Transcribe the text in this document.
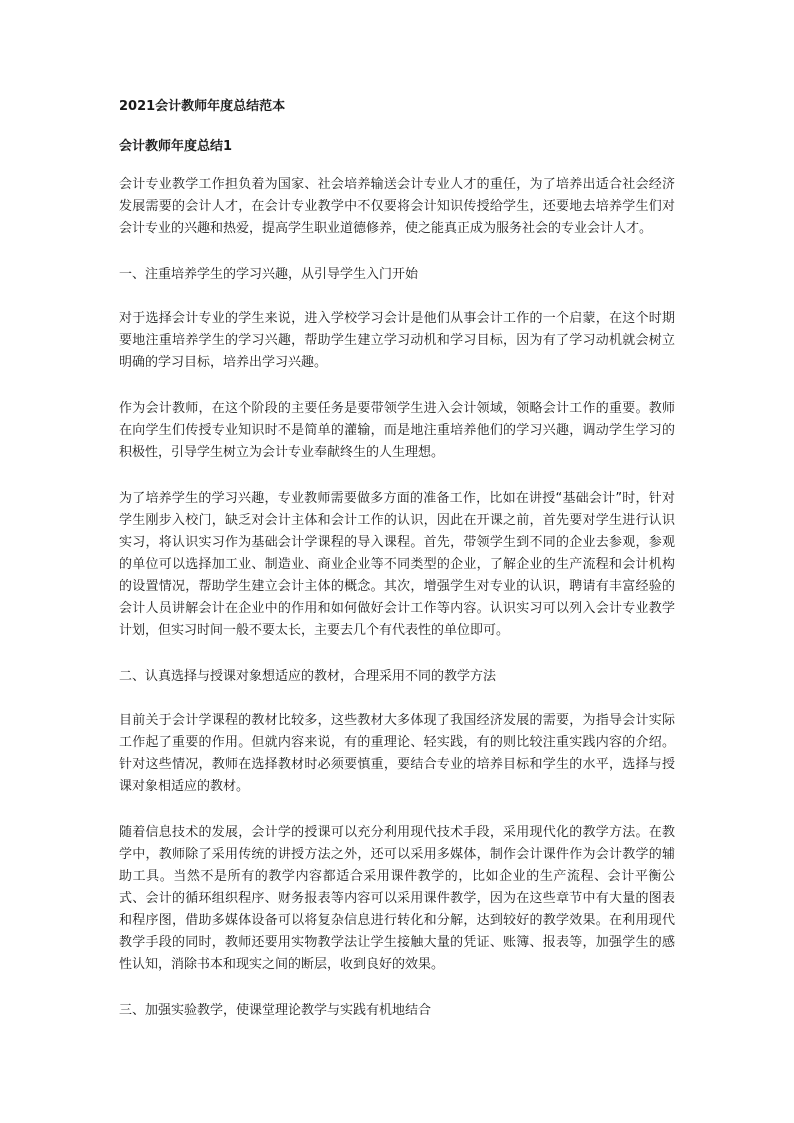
2021会计教师年度总结范本

会计教师年度总结1

会计专业教学工作担负着为国家、社会培养输送会计专业人才的重任，为了培养出适合社会经济发展需要的会计人才，在会计专业教学中不仅要将会计知识传授给学生，还要地去培养学生们对会计专业的兴趣和热爱，提高学生职业道德修养，使之能真正成为服务社会的专业会计人才。

一、注重培养学生的学习兴趣，从引导学生入门开始

对于选择会计专业的学生来说，进入学校学习会计是他们从事会计工作的一个启蒙，在这个时期要地注重培养学生的学习兴趣，帮助学生建立学习动机和学习目标，因为有了学习动机就会树立明确的学习目标，培养出学习兴趣。

作为会计教师，在这个阶段的主要任务是要带领学生进入会计领域，领略会计工作的重要。教师在向学生们传授专业知识时不是简单的灌输，而是地注重培养他们的学习兴趣，调动学生学习的积极性，引导学生树立为会计专业奉献终生的人生理想。

为了培养学生的学习兴趣，专业教师需要做多方面的准备工作，比如在讲授“基础会计”时，针对学生刚步入校门，缺乏对会计主体和会计工作的认识，因此在开课之前，首先要对学生进行认识实习，将认识实习作为基础会计学课程的导入课程。首先，带领学生到不同的企业去参观，参观的单位可以选择加工业、制造业、商业企业等不同类型的企业，了解企业的生产流程和会计机构的设置情况，帮助学生建立会计主体的概念。其次，增强学生对专业的认识，聘请有丰富经验的会计人员讲解会计在企业中的作用和如何做好会计工作等内容。认识实习可以列入会计专业教学计划，但实习时间一般不要太长，主要去几个有代表性的单位即可。

二、认真选择与授课对象想适应的教材，合理采用不同的教学方法

目前关于会计学课程的教材比较多，这些教材大多体现了我国经济发展的需要，为指导会计实际工作起了重要的作用。但就内容来说，有的重理论、轻实践，有的则比较注重实践内容的介绍。针对这些情况，教师在选择教材时必须要慎重，要结合专业的培养目标和学生的水平，选择与授课对象相适应的教材。

随着信息技术的发展，会计学的授课可以充分利用现代技术手段，采用现代化的教学方法。在教学中，教师除了采用传统的讲授方法之外，还可以采用多媒体，制作会计课件作为会计教学的辅助工具。当然不是所有的教学内容都适合采用课件教学的，比如企业的生产流程、会计平衡公式、会计的循环组织程序、财务报表等内容可以采用课件教学，因为在这些章节中有大量的图表和程序图，借助多媒体设备可以将复杂信息进行转化和分解，达到较好的教学效果。在利用现代教学手段的同时，教师还要用实物教学法让学生接触大量的凭证、账簿、报表等，加强学生的感性认知，消除书本和现实之间的断层，收到良好的效果。

三、加强实验教学，使课堂理论教学与实践有机地结合
